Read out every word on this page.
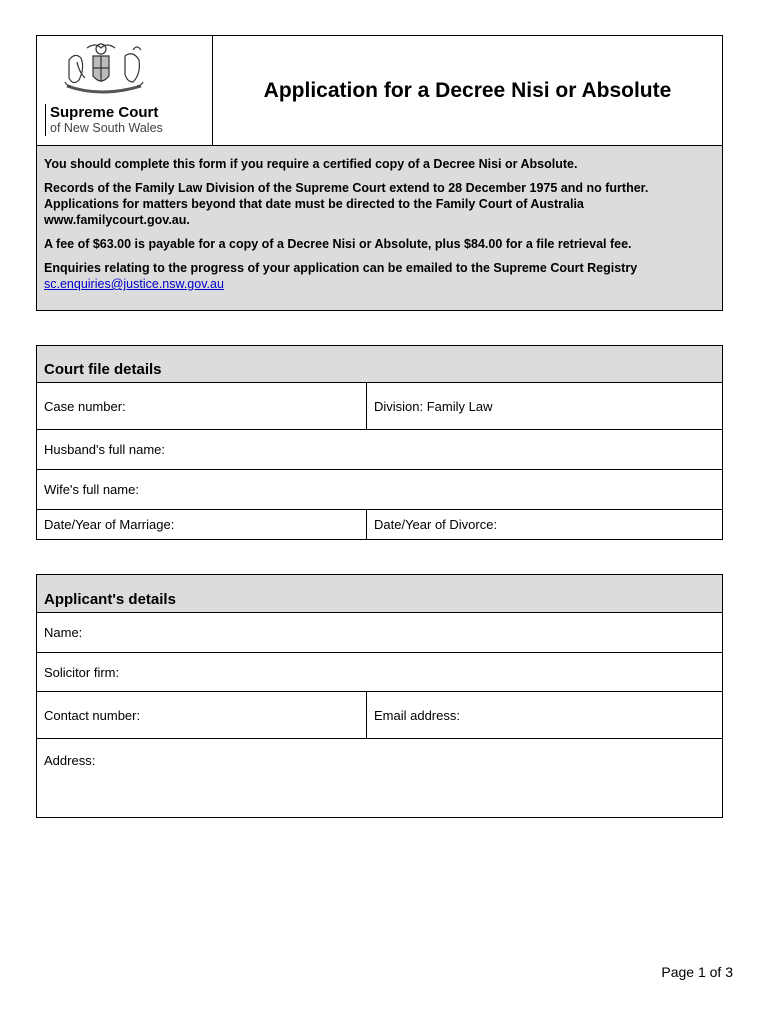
Supreme Court
of New South Wales
Application for a Decree Nisi or Absolute

You should complete this form if you require a certified copy of a Decree Nisi or Absolute.

Records of the Family Law Division of the Supreme Court extend to 28 December 1975 and no further. Applications for matters beyond that date must be directed to the Family Court of Australia www.familycourt.gov.au.

A fee of $63.00 is payable for a copy of a Decree Nisi or Absolute, plus $84.00 for a file retrieval fee.

Enquiries relating to the progress of your application can be emailed to the Supreme Court Registry
sc.enquiries@justice.nsw.gov.au

Court file details
Case number:	Division: Family Law
Husband's full name:
Wife's full name:
Date/Year of Marriage:	Date/Year of Divorce:
Applicant's details
Name:
Solicitor firm:
Contact number:	Email address:
Address:
Page 1 of 3
